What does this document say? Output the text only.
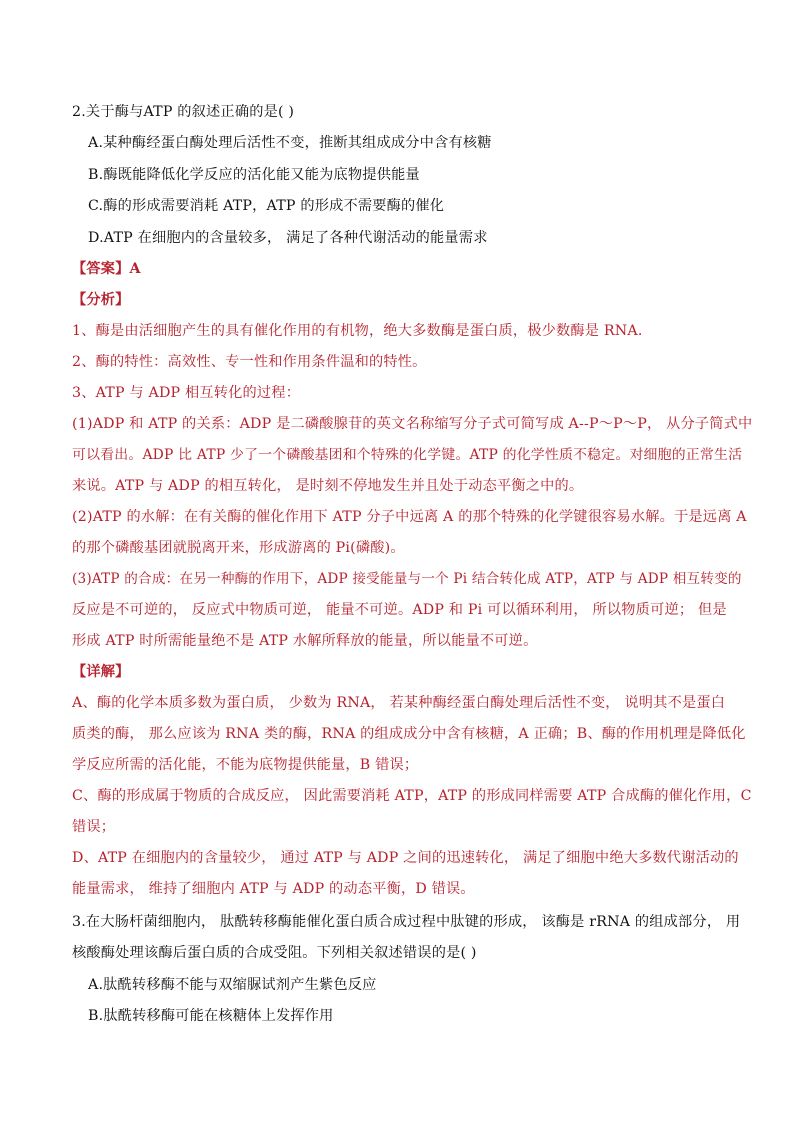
2.关于酶与ATP 的叙述正确的是( )
A.某种酶经蛋白酶处理后活性不变，推断其组成成分中含有核糖
B.酶既能降低化学反应的活化能又能为底物提供能量
C.酶的形成需要消耗 ATP，ATP 的形成不需要酶的催化
D.ATP 在细胞内的含量较多， 满足了各种代谢活动的能量需求
【答案】A
【分析】
1、酶是由活细胞产生的具有催化作用的有机物，绝大多数酶是蛋白质，极少数酶是 RNA.
2、酶的特性：高效性、专一性和作用条件温和的特性。
3、ATP 与 ADP 相互转化的过程：
(1)ADP 和 ATP 的关系：ADP 是二磷酸腺苷的英文名称缩写分子式可简写成 A--P～P～P， 从分子简式中
可以看出。ADP 比 ATP 少了一个磷酸基团和个特殊的化学键。ATP 的化学性质不稳定。对细胞的正常生活
来说。ATP 与 ADP 的相互转化， 是时刻不停地发生并且处于动态平衡之中的。
(2)ATP 的水解：在有关酶的催化作用下 ATP 分子中远离 A 的那个特殊的化学键很容易水解。于是远离 A
的那个磷酸基团就脱离开来，形成游离的 Pi(磷酸)。
(3)ATP 的合成：在另一种酶的作用下，ADP 接受能量与一个 Pi 结合转化成 ATP，ATP 与 ADP 相互转变的
反应是不可逆的， 反应式中物质可逆， 能量不可逆。ADP 和 Pi 可以循环利用， 所以物质可逆； 但是
形成 ATP 时所需能量绝不是 ATP 水解所释放的能量，所以能量不可逆。
【详解】
A、酶的化学本质多数为蛋白质， 少数为 RNA， 若某种酶经蛋白酶处理后活性不变， 说明其不是蛋白
质类的酶， 那么应该为 RNA 类的酶，RNA 的组成成分中含有核糖，A 正确；B、酶的作用机理是降低化
学反应所需的活化能，不能为底物提供能量，B 错误；
C、酶的形成属于物质的合成反应， 因此需要消耗 ATP，ATP 的形成同样需要 ATP 合成酶的催化作用，C
错误；
D、ATP 在细胞内的含量较少， 通过 ATP 与 ADP 之间的迅速转化， 满足了细胞中绝大多数代谢活动的
能量需求， 维持了细胞内 ATP 与 ADP 的动态平衡，D 错误。
3.在大肠杆菌细胞内， 肽酰转移酶能催化蛋白质合成过程中肽键的形成， 该酶是 rRNA 的组成部分， 用
核酸酶处理该酶后蛋白质的合成受阻。下列相关叙述错误的是( )
A.肽酰转移酶不能与双缩脲试剂产生紫色反应
B.肽酰转移酶可能在核糖体上发挥作用
